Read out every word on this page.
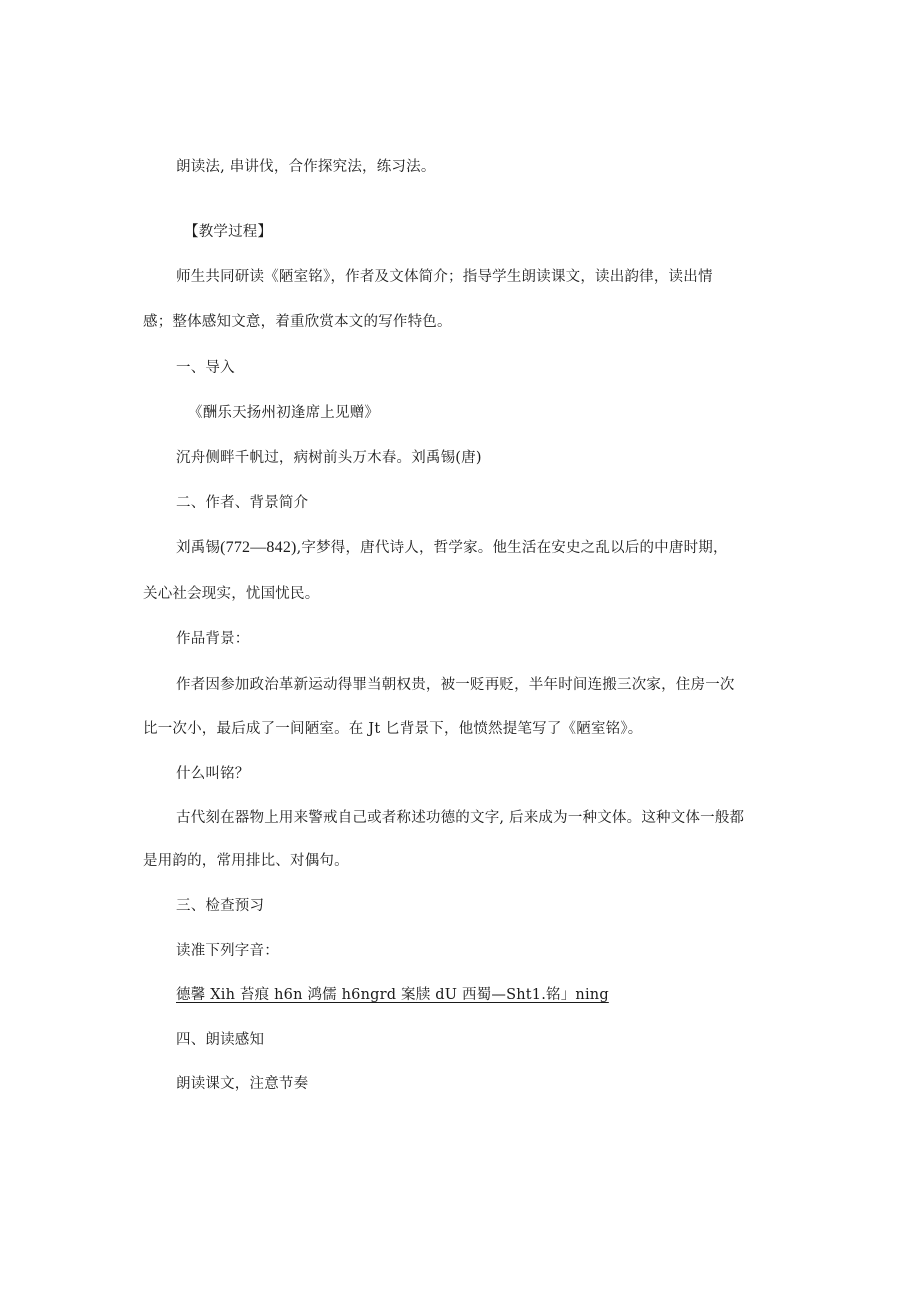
朗读法, 串讲伐，合作探究法，练习法。
【教学过程】
师生共同研读《陋室铭》，作者及文体简介；指导学生朗读课文，读出韵律，读出情
感；整体感知文意，着重欣赏本文的写作特色。
一、导入
《酬乐天扬州初逢席上见赠》
沉舟侧畔千帆过，病树前头万木春。刘禹锡(唐)
二、作者、背景简介
刘禹锡(772—842),字梦得，唐代诗人，哲学家。他生活在安史之乱以后的中唐时期，
关心社会现实，忧国忧民。
作品背景：
作者因参加政治革新运动得罪当朝权贵，被一贬再贬，半年时间连搬三次家，住房一次
比一次小，最后成了一间陋室。在 Jt 匕背景下，他愤然提笔写了《陋室铭》。
什么叫铭？
古代刻在器物上用来警戒自己或者称述功德的文字, 后来成为一种文体。这种文体一般都
是用韵的，常用排比、对偶句。
三、检查预习
读准下列字音：
德馨 Xih 苔痕 h6n 鸿儒 h6ngrd 案牍 dU 西蜀—Sht1.铭」ning
四、朗读感知
朗读课文，注意节奏
